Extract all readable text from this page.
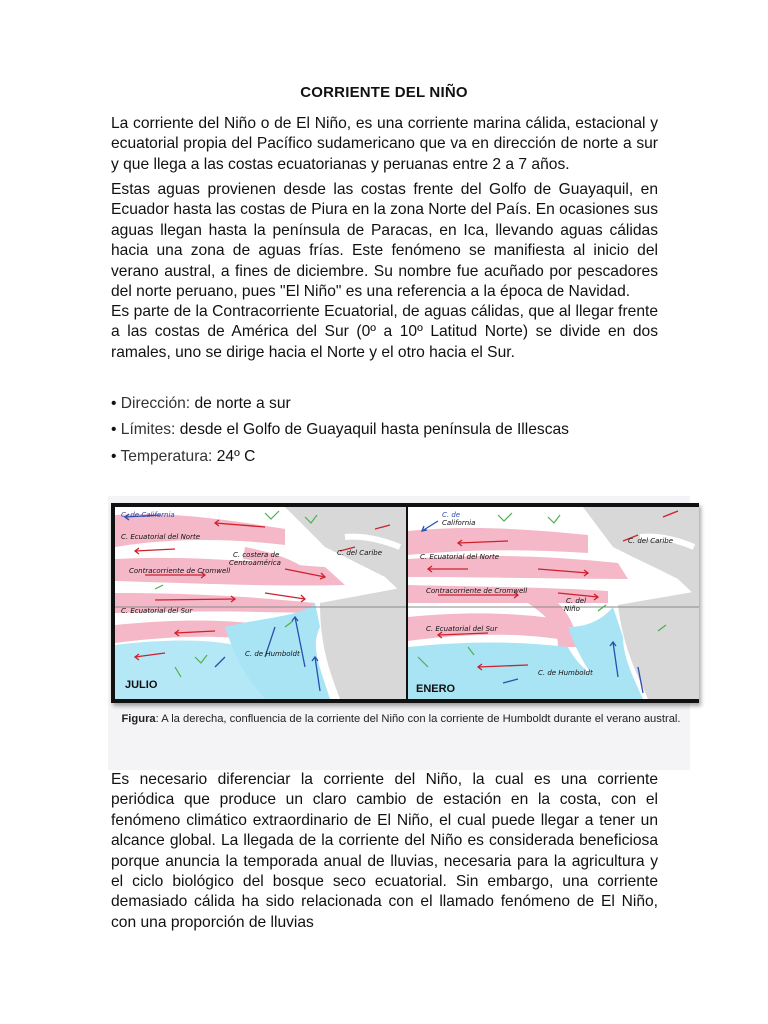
CORRIENTE DEL NIÑO

La corriente del Niño o de El Niño, es una corriente marina cálida, estacional y ecuatorial propia del Pacífico sudamericano que va en dirección de norte a sur y que llega a las costas ecuatorianas y peruanas entre 2 a 7 años.

Estas aguas provienen desde las costas frente del Golfo de Guayaquil, en Ecuador hasta las costas de Piura en la zona Norte del País. En ocasiones sus aguas llegan hasta la península de Paracas, en Ica, llevando aguas cálidas hacia una zona de aguas frías. Este fenómeno se manifiesta al inicio del verano austral, a fines de diciembre. Su nombre fue acuñado por pescadores del norte peruano, pues "El Niño" es una referencia a la época de Navidad.

Es parte de la Contracorriente Ecuatorial, de aguas cálidas, que al llegar frente a las costas de América del Sur (0º a 10º Latitud Norte) se divide en dos ramales, uno se dirige hacia el Norte y el otro hacia el Sur.

• Dirección: de norte a sur
• Límites: desde el Golfo de Guayaquil hasta península de Illescas
• Temperatura: 24º C
C. de California
C. Ecuatorial del Norte
C. costera de
Centroamérica
C. del Caribe
Contracorriente de Cromwell
C. Ecuatorial del Sur
C. de Humboldt
JULIO
C. de
California
C. Ecuatorial del Norte
C. del Caribe
Contracorriente de Cromwell
C. del
Niño
C. Ecuatorial del Sur
C. de Humboldt
ENERO
Figura: A la derecha, confluencia de la corriente del Niño con la corriente de Humboldt durante el verano austral.

Es necesario diferenciar la corriente del Niño, la cual es una corriente periódica que produce un claro cambio de estación en la costa, con el fenómeno climático extraordinario de El Niño, el cual puede llegar a tener un alcance global. La llegada de la corriente del Niño es considerada beneficiosa porque anuncia la temporada anual de lluvias, necesaria para la agricultura y el ciclo biológico del bosque seco ecuatorial. Sin embargo, una corriente demasiado cálida ha sido relacionada con el llamado fenómeno de El Niño, con una proporción de lluvias
